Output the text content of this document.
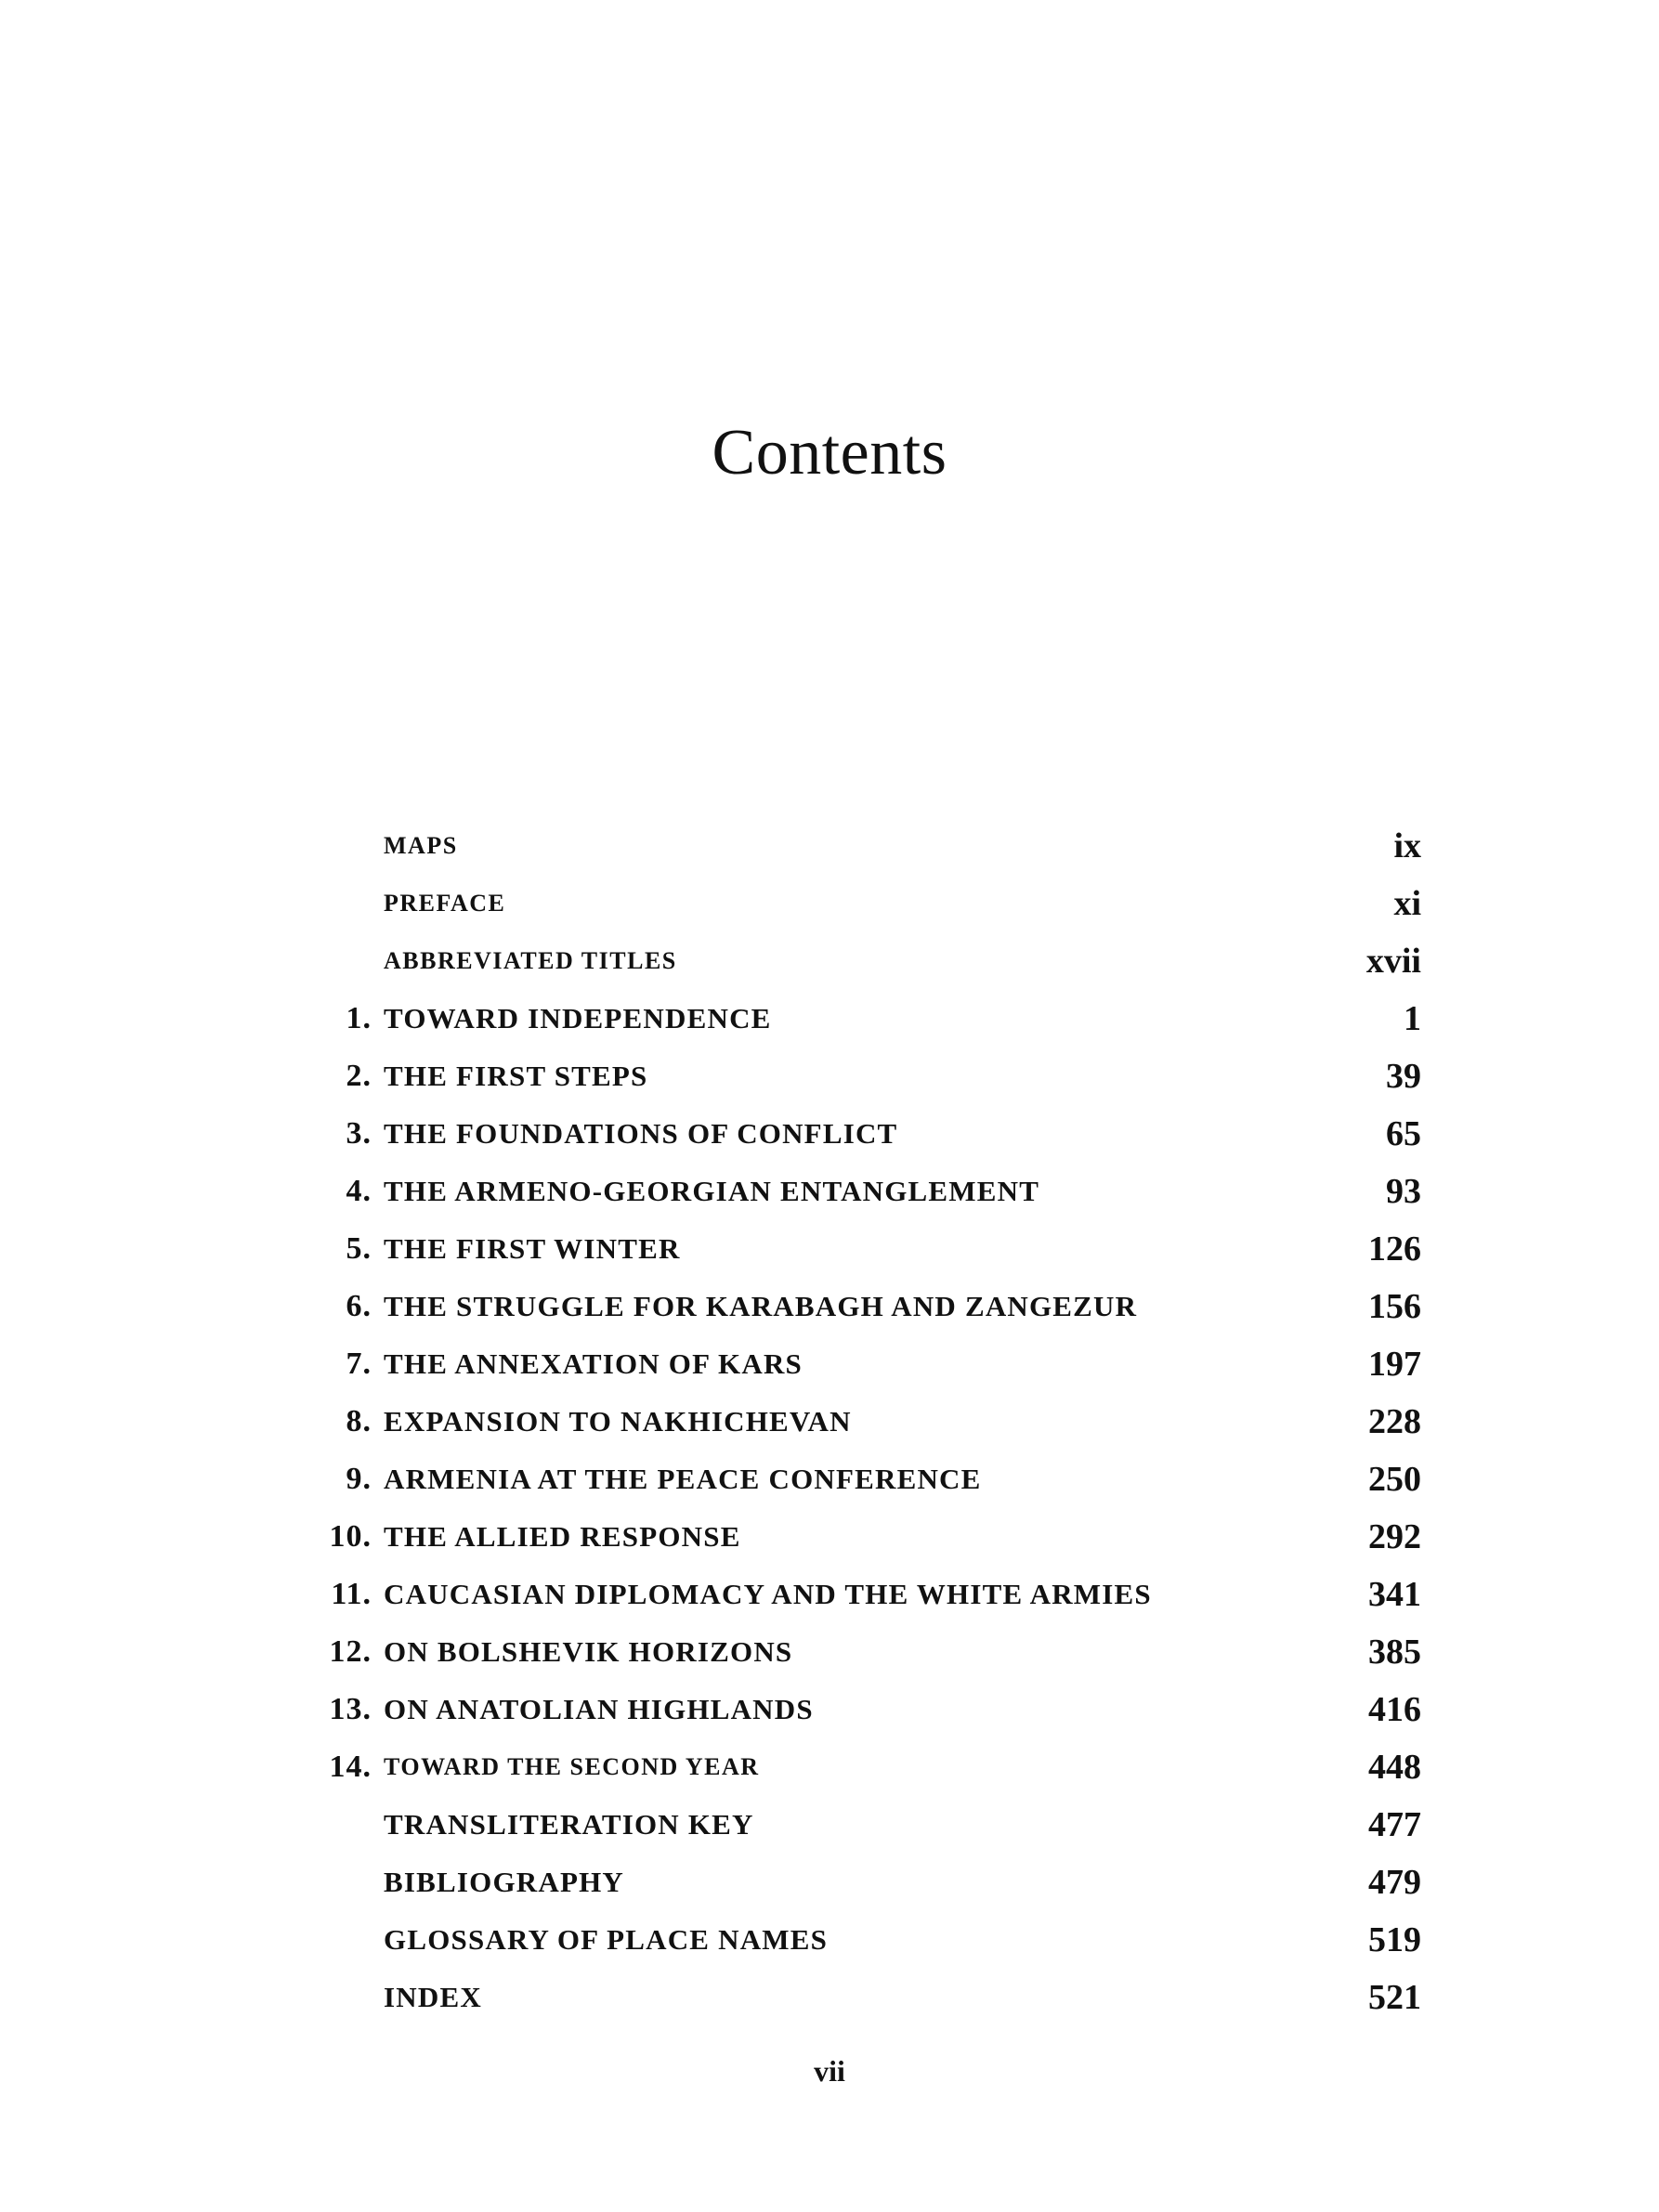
Contents
MAPS	ix
PREFACE	xi
ABBREVIATED TITLES	xvii
1. TOWARD INDEPENDENCE	1
2. THE FIRST STEPS	39
3. THE FOUNDATIONS OF CONFLICT	65
4. THE ARMENO-GEORGIAN ENTANGLEMENT	93
5. THE FIRST WINTER	126
6. THE STRUGGLE FOR KARABAGH AND ZANGEZUR	156
7. THE ANNEXATION OF KARS	197
8. EXPANSION TO NAKHICHEVAN	228
9. ARMENIA AT THE PEACE CONFERENCE	250
10. THE ALLIED RESPONSE	292
11. CAUCASIAN DIPLOMACY AND THE WHITE ARMIES	341
12. ON BOLSHEVIK HORIZONS	385
13. ON ANATOLIAN HIGHLANDS	416
14. TOWARD THE SECOND YEAR	448
TRANSLITERATION KEY	477
BIBLIOGRAPHY	479
GLOSSARY OF PLACE NAMES	519
INDEX	521
vii
